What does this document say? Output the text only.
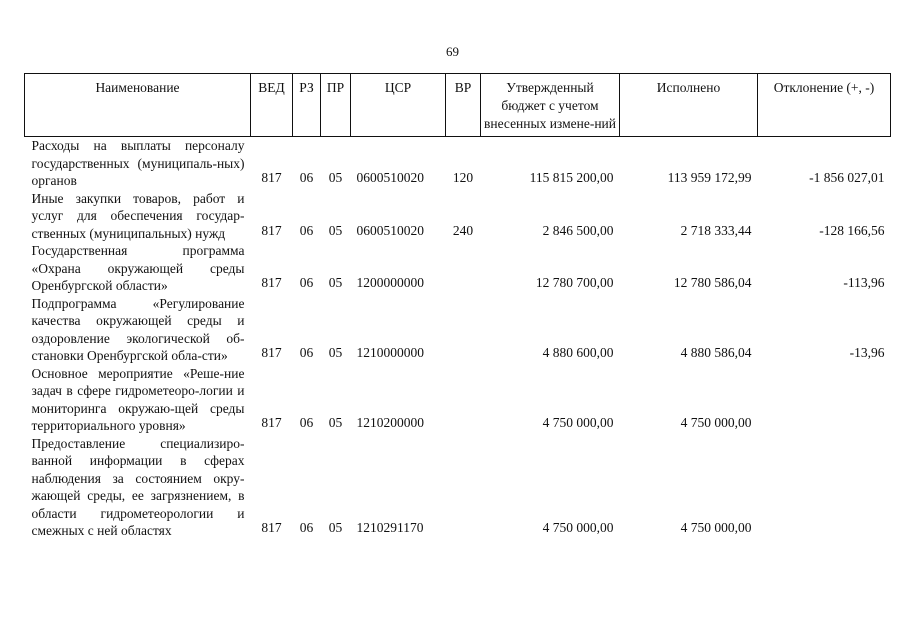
69
Наименование	ВЕД	РЗ	ПР	ЦСР	ВР	Утвержденный бюджет с учетом внесенных измене-ний	Исполнено	Отклонение (+, -)
Расходы на выплаты персоналу государственных (муниципаль-ных) органов	817	06	05	0600510020	120	115 815 200,00	113 959 172,99	-1 856 027,01
Иные закупки товаров, работ и услуг для обеспечения государ-ственных (муниципальных) нужд	817	06	05	0600510020	240	2 846 500,00	2 718 333,44	-128 166,56
Государственная программа «Охрана окружающей среды Оренбургской области»	817	06	05	1200000000		12 780 700,00	12 780 586,04	-113,96
Подпрограмма «Регулирование качества окружающей среды и оздоровление экологической об-становки Оренбургской обла-сти»	817	06	05	1210000000		4 880 600,00	4 880 586,04	-13,96
Основное мероприятие «Реше-ние задач в сфере гидрометеоро-логии и мониторинга окружаю-щей среды территориального уровня»	817	06	05	1210200000		4 750 000,00	4 750 000,00	
Предоставление специализиро-ванной информации в сферах наблюдения за состоянием окру-жающей среды, ее загрязнением, в области гидрометеорологии и смежных с ней областях	817	06	05	1210291170		4 750 000,00	4 750 000,00	
